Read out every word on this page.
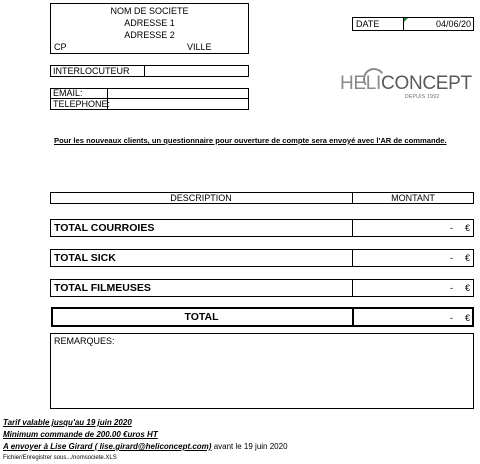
NOM DE SOCIETE
ADRESSE 1
ADRESSE 2
CP	VILLE
DATE	04/06/20
INTERLOCUTEUR
EMAIL:
TELEPHONE:
HELICONCEPT
DEPUIS 1992
Pour les nouveaux clients, un questionnaire pour ouverture de compte sera envoyé avec l'AR de commande.
DESCRIPTION	MONTANT
TOTAL COURROIES	- €
TOTAL SICK	- €
TOTAL FILMEUSES	- €
TOTAL	- €
REMARQUES:
Tarif valable jusqu'au 19 juin 2020
Minimum commande de 200.00 €uros HT
A envoyer à Lise Girard ( lise.girard@heliconcept.com) avant le 19 juin 2020
Fichier/Enregistrer sous.../nomsociete.XLS
